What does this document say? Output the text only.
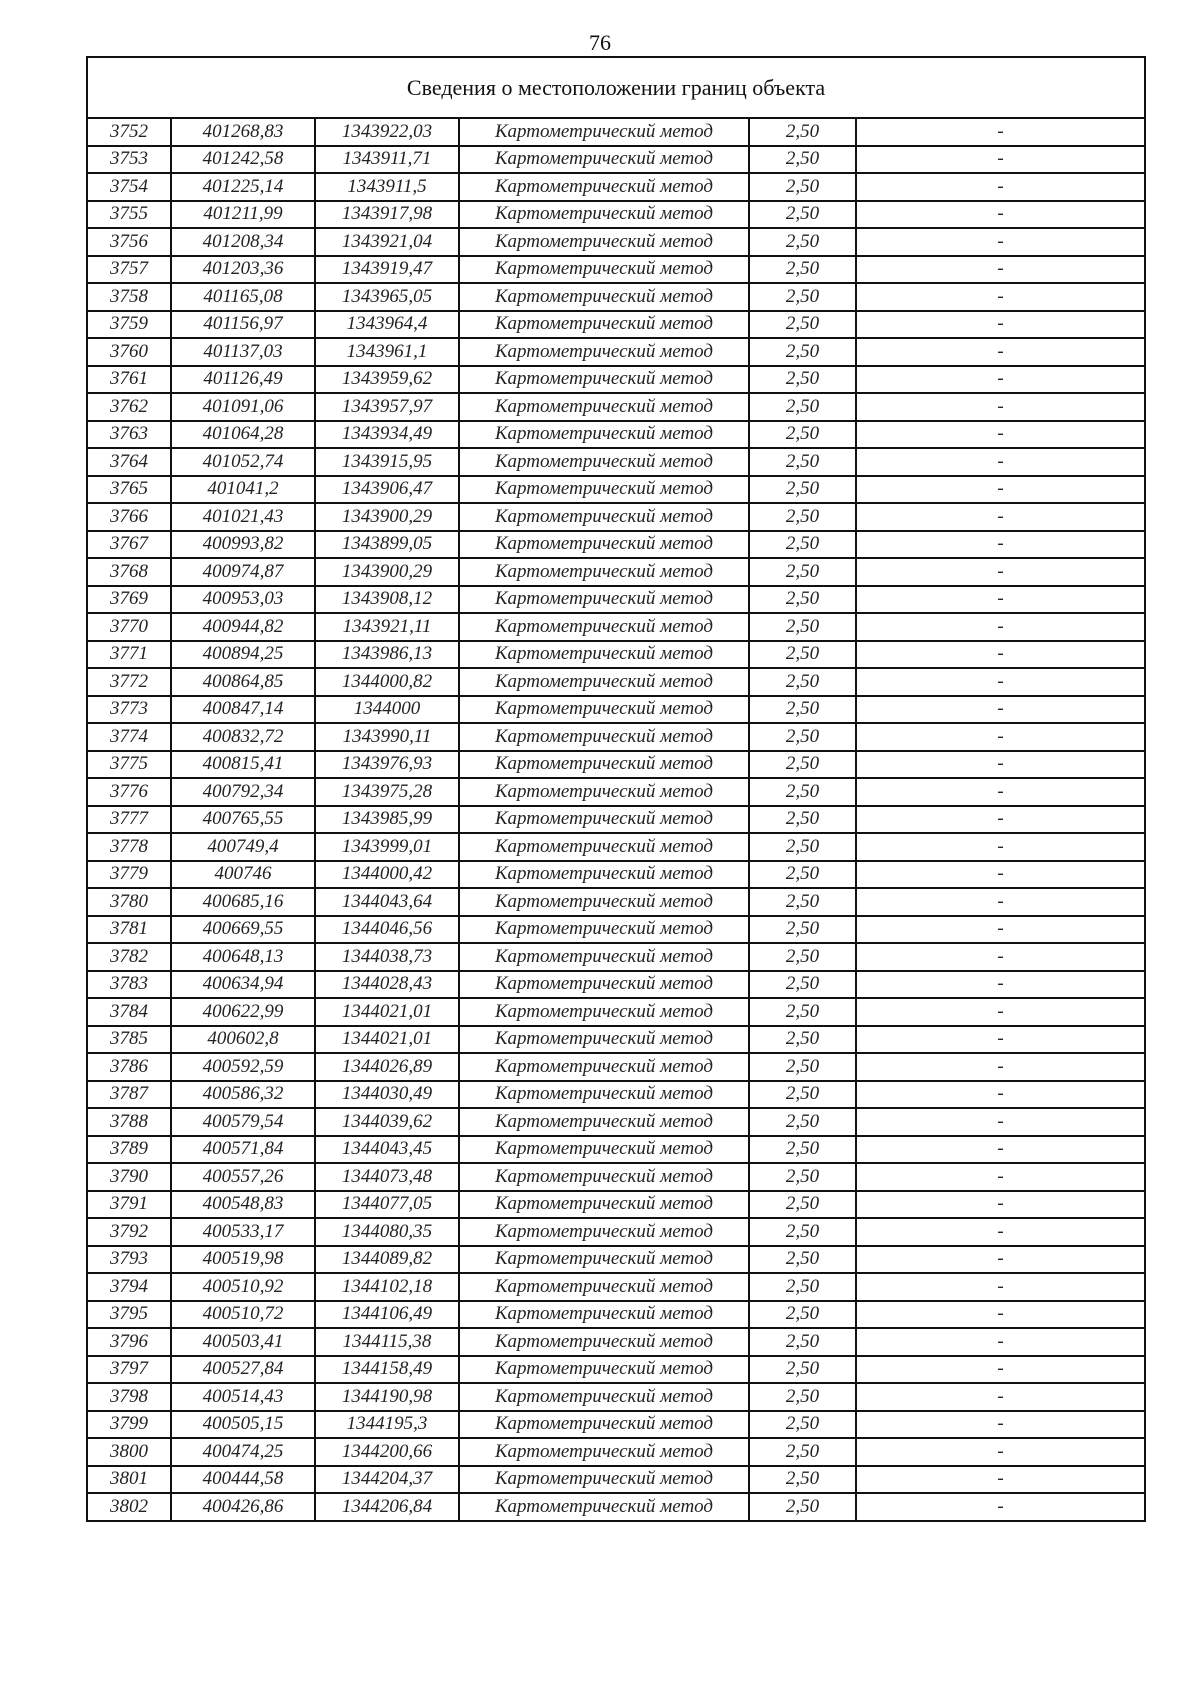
76
Сведения о местоположении границ объекта					
3752	401268,83	1343922,03	Картометрический метод	2,50	-
3753	401242,58	1343911,71	Картометрический метод	2,50	-
3754	401225,14	1343911,5	Картометрический метод	2,50	-
3755	401211,99	1343917,98	Картометрический метод	2,50	-
3756	401208,34	1343921,04	Картометрический метод	2,50	-
3757	401203,36	1343919,47	Картометрический метод	2,50	-
3758	401165,08	1343965,05	Картометрический метод	2,50	-
3759	401156,97	1343964,4	Картометрический метод	2,50	-
3760	401137,03	1343961,1	Картометрический метод	2,50	-
3761	401126,49	1343959,62	Картометрический метод	2,50	-
3762	401091,06	1343957,97	Картометрический метод	2,50	-
3763	401064,28	1343934,49	Картометрический метод	2,50	-
3764	401052,74	1343915,95	Картометрический метод	2,50	-
3765	401041,2	1343906,47	Картометрический метод	2,50	-
3766	401021,43	1343900,29	Картометрический метод	2,50	-
3767	400993,82	1343899,05	Картометрический метод	2,50	-
3768	400974,87	1343900,29	Картометрический метод	2,50	-
3769	400953,03	1343908,12	Картометрический метод	2,50	-
3770	400944,82	1343921,11	Картометрический метод	2,50	-
3771	400894,25	1343986,13	Картометрический метод	2,50	-
3772	400864,85	1344000,82	Картометрический метод	2,50	-
3773	400847,14	1344000	Картометрический метод	2,50	-
3774	400832,72	1343990,11	Картометрический метод	2,50	-
3775	400815,41	1343976,93	Картометрический метод	2,50	-
3776	400792,34	1343975,28	Картометрический метод	2,50	-
3777	400765,55	1343985,99	Картометрический метод	2,50	-
3778	400749,4	1343999,01	Картометрический метод	2,50	-
3779	400746	1344000,42	Картометрический метод	2,50	-
3780	400685,16	1344043,64	Картометрический метод	2,50	-
3781	400669,55	1344046,56	Картометрический метод	2,50	-
3782	400648,13	1344038,73	Картометрический метод	2,50	-
3783	400634,94	1344028,43	Картометрический метод	2,50	-
3784	400622,99	1344021,01	Картометрический метод	2,50	-
3785	400602,8	1344021,01	Картометрический метод	2,50	-
3786	400592,59	1344026,89	Картометрический метод	2,50	-
3787	400586,32	1344030,49	Картометрический метод	2,50	-
3788	400579,54	1344039,62	Картометрический метод	2,50	-
3789	400571,84	1344043,45	Картометрический метод	2,50	-
3790	400557,26	1344073,48	Картометрический метод	2,50	-
3791	400548,83	1344077,05	Картометрический метод	2,50	-
3792	400533,17	1344080,35	Картометрический метод	2,50	-
3793	400519,98	1344089,82	Картометрический метод	2,50	-
3794	400510,92	1344102,18	Картометрический метод	2,50	-
3795	400510,72	1344106,49	Картометрический метод	2,50	-
3796	400503,41	1344115,38	Картометрический метод	2,50	-
3797	400527,84	1344158,49	Картометрический метод	2,50	-
3798	400514,43	1344190,98	Картометрический метод	2,50	-
3799	400505,15	1344195,3	Картометрический метод	2,50	-
3800	400474,25	1344200,66	Картометрический метод	2,50	-
3801	400444,58	1344204,37	Картометрический метод	2,50	-
3802	400426,86	1344206,84	Картометрический метод	2,50	-
